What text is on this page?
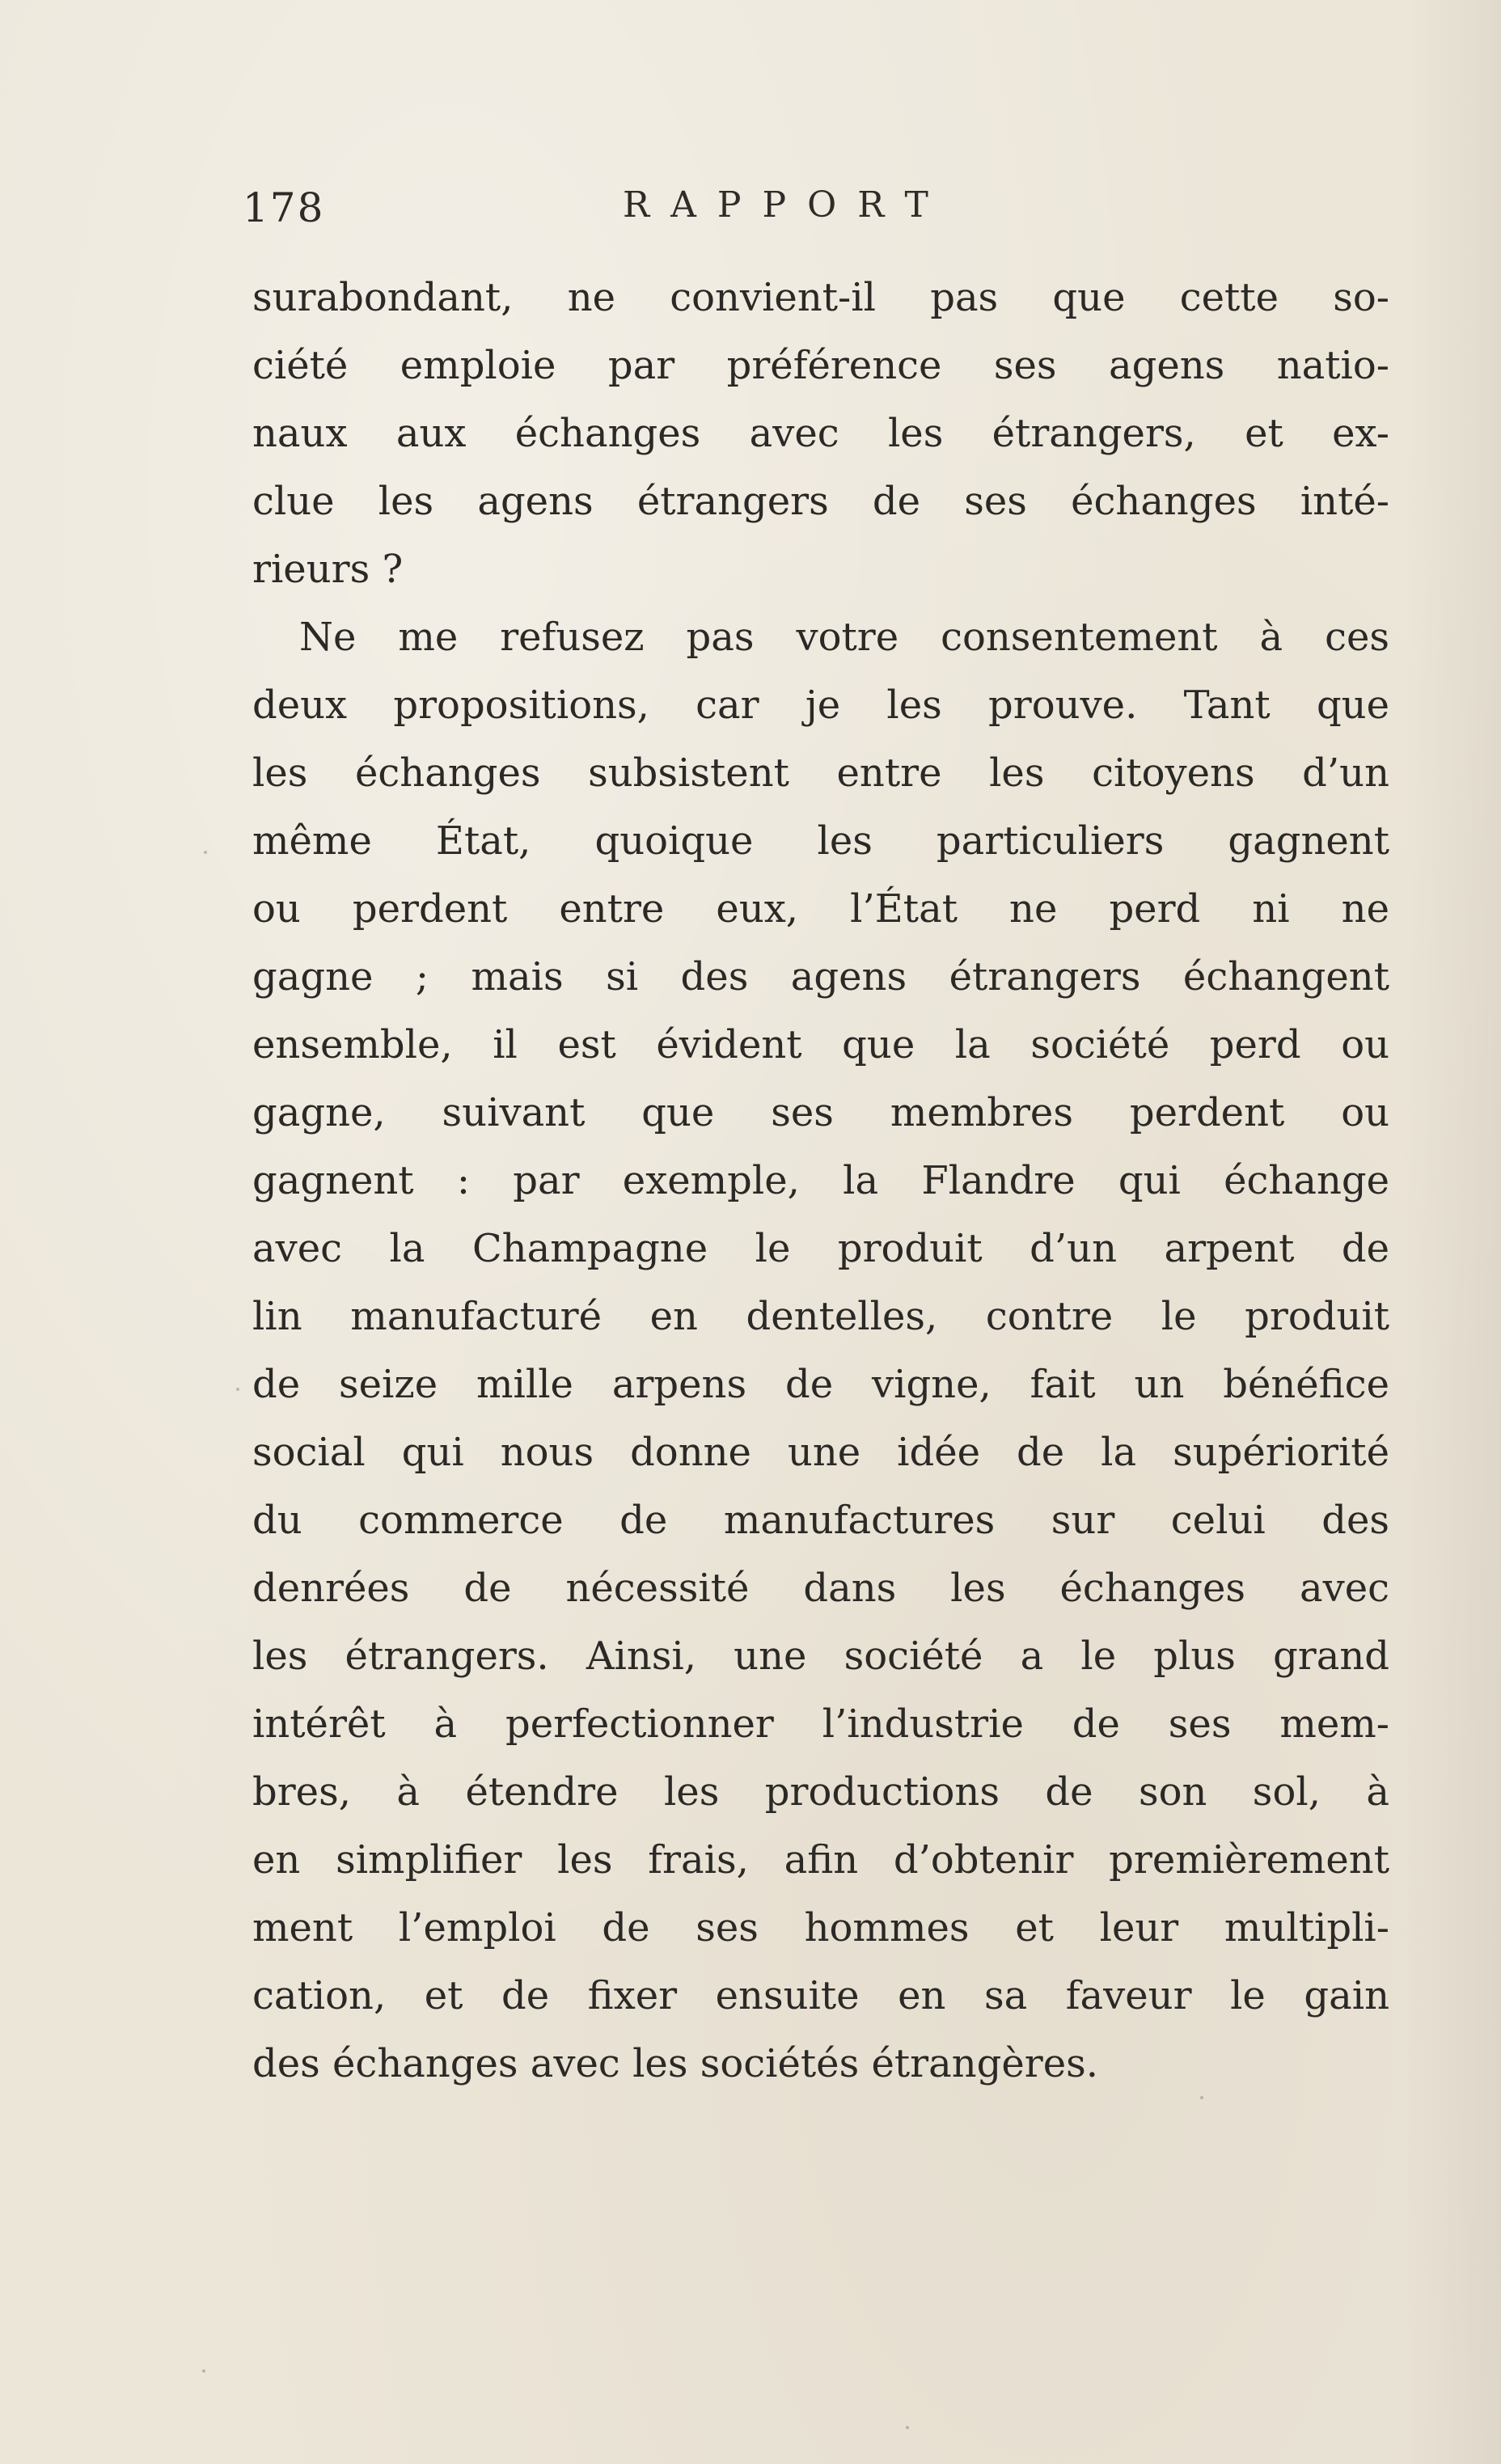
178	RAPPORT
surabondant, ne convient-il pas que cette so-
ciété emploie par préférence ses agens natio-
naux aux échanges avec les étrangers, et ex-
clue les agens étrangers de ses échanges inté-
rieurs ?
Ne me refusez pas votre consentement à ces
deux propositions, car je les prouve. Tant que
les échanges subsistent entre les citoyens d’un
même État, quoique les particuliers gagnent
ou perdent entre eux, l’État ne perd ni ne
gagne ; mais si des agens étrangers échangent
ensemble, il est évident que la société perd ou
gagne, suivant que ses membres perdent ou
gagnent : par exemple, la Flandre qui échange
avec la Champagne le produit d’un arpent de
lin manufacturé en dentelles, contre le produit
de seize mille arpens de vigne, fait un bénéfice
social qui nous donne une idée de la supériorité
du commerce de manufactures sur celui des
denrées de nécessité dans les échanges avec
les étrangers. Ainsi, une société a le plus grand
intérêt à perfectionner l’industrie de ses mem-
bres, à étendre les productions de son sol, à
en simplifier les frais, afin d’obtenir premièrement
ment l’emploi de ses hommes et leur multipli-
cation, et de fixer ensuite en sa faveur le gain
des échanges avec les sociétés étrangères.
